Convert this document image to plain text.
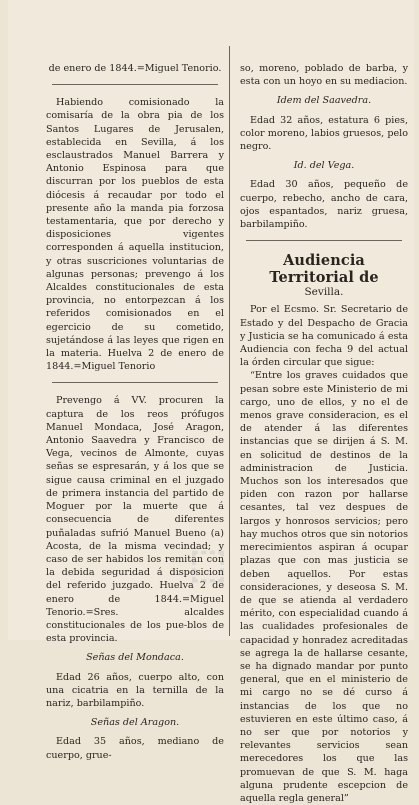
de enero de 1844.=Miguel Tenorio.

Habiendo comisionado la comisaría de la obra pia de los Santos Lugares de Jerusalen, establecida en Sevilla, á los esclaustrados Manuel Barrera y Antonio Espinosa para que discurran por los pueblos de esta diócesis á recaudar por todo el presente año la manda pia forzosa testamentaria, que por derecho y disposiciones vigentes corresponden á aquella institucion, y otras suscriciones voluntarias de algunas personas; prevengo á los Alcaldes constitucionales de esta provincia, no entorpezcan á los referidos comisionados en el egercicio de su cometido, sujetándose á las leyes que rigen en la materia. Huelva 2 de enero de 1844.=Miguel Tenorio

Prevengo á VV. procuren la captura de los reos prófugos Manuel Mondaca, José Aragon, Antonio Saavedra y Francisco de Vega, vecinos de Almonte, cuyas señas se espresarán, y á los que se sigue causa criminal en el juzgado de primera instancia del partido de Moguer por la muerte que á consecuencia de diferentes puñaladas sufrió Manuel Bueno (a) Acosta, de la misma vecindad; y caso de ser habidos los remitan con la debida seguridad á disposicion del referido juzgado. Huelva 2 de enero de 1844.=Miguel Tenorio.=Sres. alcaldes constitucionales de los pue-blos de esta provincia.

Señas del Mondaca.

Edad 26 años, cuerpo alto, con una cicatria en la ternilla de la nariz, barbilampiño.

Señas del Aragon.

Edad 35 años, mediano de cuerpo, grue-

so, moreno, poblado de barba, y esta con un hoyo en su mediacion.

Idem del Saavedra.

Edad 32 años, estatura 6 pies, color moreno, labios gruesos, pelo negro.

Id. del Vega.

Edad 30 años, pequeño de cuerpo, rebecho, ancho de cara, ojos espantados, nariz gruesa, barbilampiño.

Audiencia Territorial de

Sevilla.

Por el Ecsmo. Sr. Secretario de Estado y del Despacho de Gracia y Justicia se ha comunicado á esta Audiencia con fecha 9 del actual la órden circular que sigue:

“Entre los graves cuidados que pesan sobre este Ministerio de mi cargo, uno de ellos, y no el de menos grave consideracion, es el de atender á las diferentes instancias que se dirijen á S. M. en solicitud de destinos de la administracion de Justicia. Muchos son los interesados que piden con razon por hallarse cesantes, tal vez despues de largos y honrosos servicios; pero hay muchos otros que sin notorios merecimientos aspiran á ocupar plazas que con mas justicia se deben aquellos. Por estas consideraciones, y deseosa S. M. de que se atienda al verdadero mérito, con especialidad cuando á las cualidades profesionales de capacidad y honradez acreditadas se agrega la de hallarse cesante, se ha dignado mandar por punto general, que en el ministerio de mi cargo no se dé curso á instancias de los que no estuvieren en este último caso, á no ser que por notorios y relevantes servicios sean merecedores los que las promuevan de que S. M. haga alguna prudente escepcion de aquella regla general”

⬚
